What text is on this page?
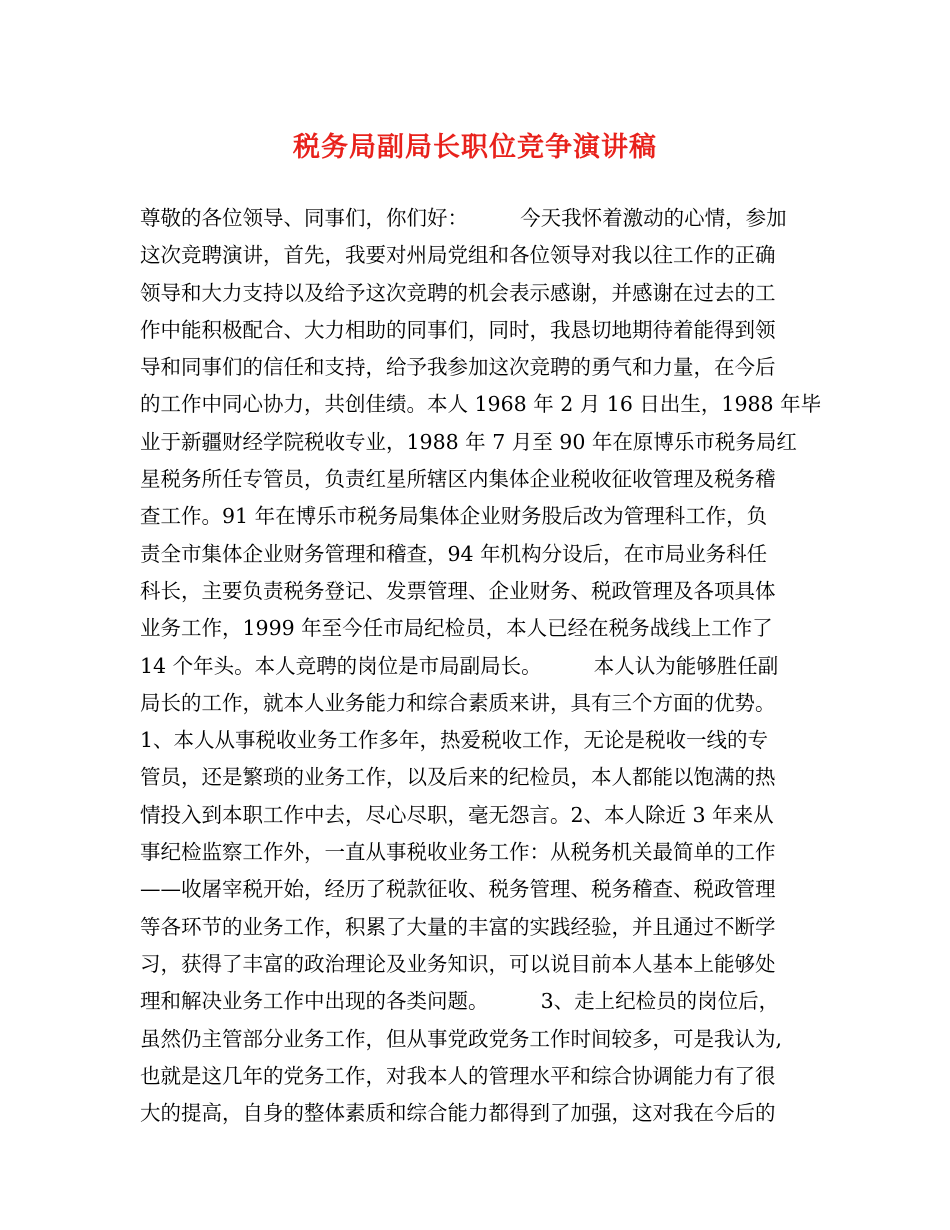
税务局副局长职位竞争演讲稿
尊敬的各位领导、同事们，你们好：        今天我怀着激动的心情，参加
这次竞聘演讲，首先，我要对州局党组和各位领导对我以往工作的正确
领导和大力支持以及给予这次竞聘的机会表示感谢，并感谢在过去的工
作中能积极配合、大力相助的同事们，同时，我恳切地期待着能得到领
导和同事们的信任和支持，给予我参加这次竞聘的勇气和力量，在今后
的工作中同心协力，共创佳绩。本人 1968 年 2 月 16 日出生，1988 年毕
业于新疆财经学院税收专业，1988 年 7 月至 90 年在原博乐市税务局红
星税务所任专管员，负责红星所辖区内集体企业税收征收管理及税务稽
查工作。91 年在博乐市税务局集体企业财务股后改为管理科工作，负
责全市集体企业财务管理和稽查，94 年机构分设后，在市局业务科任
科长，主要负责税务登记、发票管理、企业财务、税政管理及各项具体
业务工作，1999 年至今任市局纪检员，本人已经在税务战线上工作了
14 个年头。本人竞聘的岗位是市局副局长。        本人认为能够胜任副
局长的工作，就本人业务能力和综合素质来讲，具有三个方面的优势。
1、本人从事税收业务工作多年，热爱税收工作，无论是税收一线的专
管员，还是繁琐的业务工作，以及后来的纪检员，本人都能以饱满的热
情投入到本职工作中去，尽心尽职，毫无怨言。2、本人除近 3 年来从
事纪检监察工作外，一直从事税收业务工作：从税务机关最简单的工作
——收屠宰税开始，经历了税款征收、税务管理、税务稽查、税政管理
等各环节的业务工作，积累了大量的丰富的实践经验，并且通过不断学
习，获得了丰富的政治理论及业务知识，可以说目前本人基本上能够处
理和解决业务工作中出现的各类问题。        3、走上纪检员的岗位后，
虽然仍主管部分业务工作，但从事党政党务工作时间较多，可是我认为,
也就是这几年的党务工作，对我本人的管理水平和综合协调能力有了很
大的提高，自身的整体素质和综合能力都得到了加强，这对我在今后的
